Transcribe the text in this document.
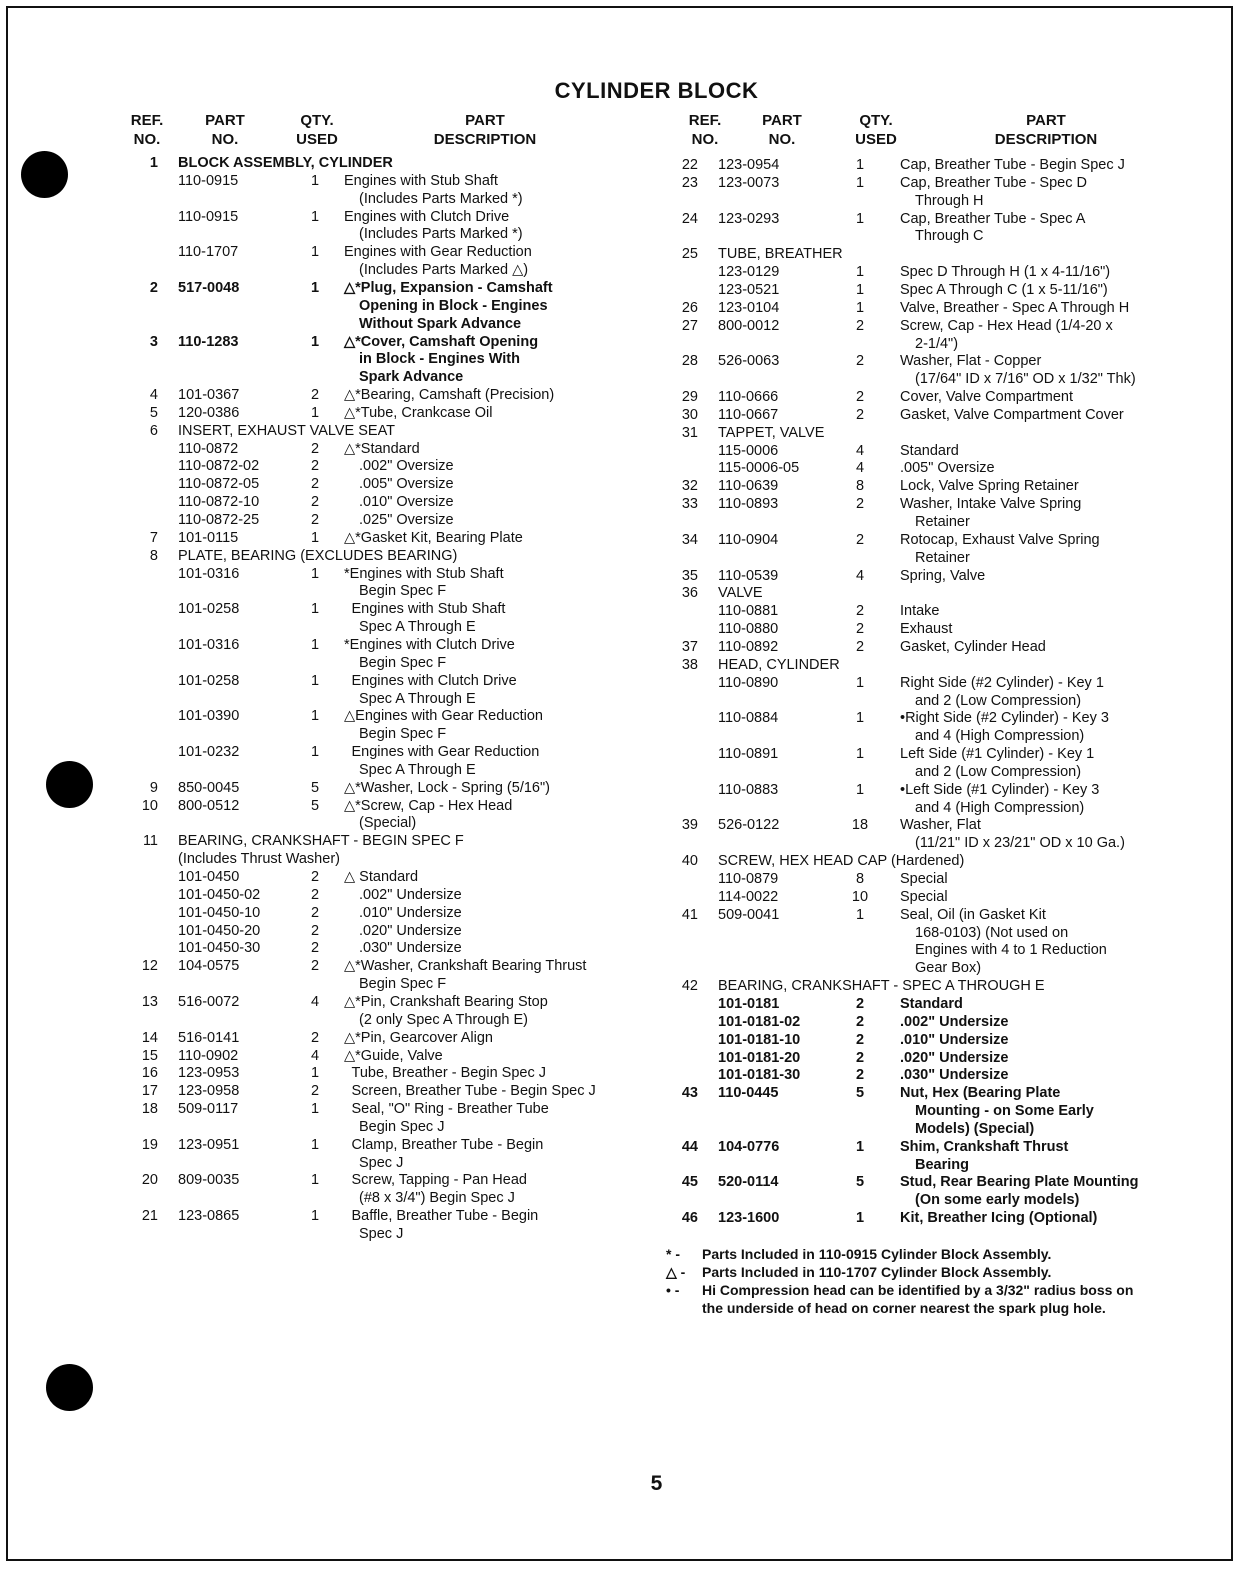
CYLINDER BLOCK
REF.
NO.
PART
NO.
QTY.
USED
PART
DESCRIPTION
REF.
NO.
PART
NO.
QTY.
USED
PART
DESCRIPTION
1 BLOCK ASSEMBLY, CYLINDER
110-0915	1	Engines with Stub Shaft
(Includes Parts Marked *)
110-0915	1	Engines with Clutch Drive
(Includes Parts Marked *)
110-1707	1	Engines with Gear Reduction
(Includes Parts Marked △)
2 517-0048	1	△*Plug, Expansion - Camshaft
Opening in Block - Engines
Without Spark Advance
3 110-1283	1	△*Cover, Camshaft Opening
in Block - Engines With
Spark Advance
4 101-0367	2	△*Bearing, Camshaft (Precision)
5 120-0386	1	△*Tube, Crankcase Oil
6 INSERT, EXHAUST VALVE SEAT
110-0872	2	△*Standard
110-0872-02	2	.002" Oversize
110-0872-05	2	.005" Oversize
110-0872-10	2	.010" Oversize
110-0872-25	2	.025" Oversize
7 101-0115	1	△*Gasket Kit, Bearing Plate
8 PLATE, BEARING (EXCLUDES BEARING)
101-0316	1	*Engines with Stub Shaft
Begin Spec F
101-0258	1	Engines with Stub Shaft
Spec A Through E
101-0316	1	*Engines with Clutch Drive
Begin Spec F
101-0258	1	Engines with Clutch Drive
Spec A Through E
101-0390	1	△Engines with Gear Reduction
Begin Spec F
101-0232	1	Engines with Gear Reduction
Spec A Through E
9 850-0045	5	△*Washer, Lock - Spring (5/16")
10 800-0512	5	△*Screw, Cap - Hex Head
(Special)
11 BEARING, CRANKSHAFT - BEGIN SPEC F
(Includes Thrust Washer)
101-0450	2	△ Standard
101-0450-02	2	.002" Undersize
101-0450-10	2	.010" Undersize
101-0450-20	2	.020" Undersize
101-0450-30	2	.030" Undersize
12 104-0575	2	△*Washer, Crankshaft Bearing Thrust
Begin Spec F
13 516-0072	4	△*Pin, Crankshaft Bearing Stop
(2 only Spec A Through E)
14 516-0141	2	△*Pin, Gearcover Align
15 110-0902	4	△*Guide, Valve
16 123-0953	1	Tube, Breather - Begin Spec J
17 123-0958	2	Screen, Breather Tube - Begin Spec J
18 509-0117	1	Seal, "O" Ring - Breather Tube
Begin Spec J
19 123-0951	1	Clamp, Breather Tube - Begin
Spec J
20 809-0035	1	Screw, Tapping - Pan Head
(#8 x 3/4") Begin Spec J
21 123-0865	1	Baffle, Breather Tube - Begin
Spec J
22 123-0954	1	Cap, Breather Tube - Begin Spec J
23 123-0073	1	Cap, Breather Tube - Spec D
Through H
24 123-0293	1	Cap, Breather Tube - Spec A
Through C
25 TUBE, BREATHER
123-0129	1	Spec D Through H (1 x 4-11/16")
123-0521	1	Spec A Through C (1 x 5-11/16")
26 123-0104	1	Valve, Breather - Spec A Through H
27 800-0012	2	Screw, Cap - Hex Head (1/4-20 x
2-1/4")
28 526-0063	2	Washer, Flat - Copper
(17/64" ID x 7/16" OD x 1/32" Thk)
29 110-0666	2	Cover, Valve Compartment
30 110-0667	2	Gasket, Valve Compartment Cover
31 TAPPET, VALVE
115-0006	4	Standard
115-0006-05	4	.005" Oversize
32 110-0639	8	Lock, Valve Spring Retainer
33 110-0893	2	Washer, Intake Valve Spring
Retainer
34 110-0904	2	Rotocap, Exhaust Valve Spring
Retainer
35 110-0539	4	Spring, Valve
36 VALVE
110-0881	2	Intake
110-0880	2	Exhaust
37 110-0892	2	Gasket, Cylinder Head
38 HEAD, CYLINDER
110-0890	1	Right Side (#2 Cylinder) - Key 1
and 2 (Low Compression)
110-0884	1	•Right Side (#2 Cylinder) - Key 3
and 4 (High Compression)
110-0891	1	Left Side (#1 Cylinder) - Key 1
and 2 (Low Compression)
110-0883	1	•Left Side (#1 Cylinder) - Key 3
and 4 (High Compression)
39 526-0122	18 Washer, Flat
(11/21" ID x 23/21" OD x 10 Ga.)
40 SCREW, HEX HEAD CAP (Hardened)
110-0879	8	Special
114-0022	10 Special
41 509-0041	1	Seal, Oil (in Gasket Kit
168-0103) (Not used on
Engines with 4 to 1 Reduction
Gear Box)
42 BEARING, CRANKSHAFT - SPEC A THROUGH E
101-0181	2	Standard
101-0181-02	2	.002" Undersize
101-0181-10	2	.010" Undersize
101-0181-20	2	.020" Undersize
101-0181-30	2	.030" Undersize
43 110-0445	5	Nut, Hex (Bearing Plate
Mounting - on Some Early
Models) (Special)
44 104-0776	1	Shim, Crankshaft Thrust
Bearing
45 520-0114	5	Stud, Rear Bearing Plate Mounting
(On some early models)
46 123-1600	1	Kit, Breather Icing (Optional)
* - Parts Included in 110-0915 Cylinder Block Assembly.
△ - Parts Included in 110-1707 Cylinder Block Assembly.
• - Hi Compression head can be identified by a 3/32" radius boss on
the underside of head on corner nearest the spark plug hole.
5
